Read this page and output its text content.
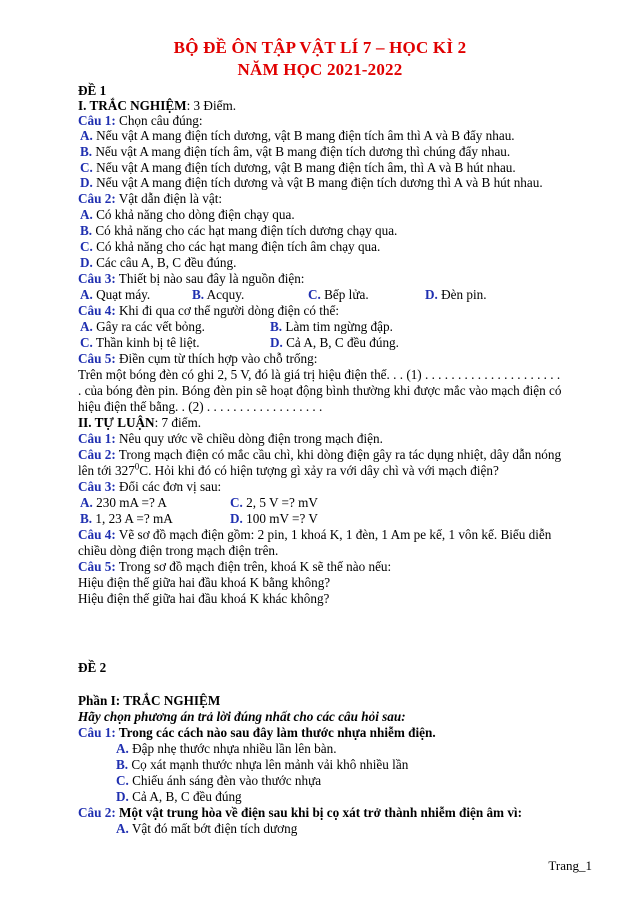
BỘ ĐỀ ÔN TẬP VẬT LÍ 7 – HỌC KÌ 2
NĂM HỌC 2021-2022
ĐỀ 1
I. TRẮC NGHIỆM: 3 Điểm.
Câu 1: Chọn câu đúng:
A. Nếu vật A mang điện tích dương, vật B mang điện tích âm thì A và B đẩy nhau.
B. Nếu vật A mang điện tích âm, vật B mang điện tích dương thì chúng đẩy nhau.
C. Nếu vật A mang điện tích dương, vật B mang điện tích âm, thì A và B hút nhau.
D. Nếu vật A mang điện tích dương và vật B mang điện tích dương thì A và B hút nhau.
Câu 2: Vật dẫn điện là vật:
A. Có khả năng cho dòng điện chạy qua.
B. Có khả năng cho các hạt mang điện tích dương chạy qua.
C. Có khả năng cho các hạt mang điện tích âm chạy qua.
D. Các câu A, B, C đều đúng.
Câu 3: Thiết bị nào sau đây là nguồn điện:
A. Quạt máy.	B. Acquy.	C. Bếp lửa.	D. Đèn pin.
Câu 4: Khi đi qua cơ thể người dòng điện có thể:
A. Gây ra các vết bỏng.	B. Làm tim ngừng đập.
C. Thần kinh bị tê liệt.	D. Cả A, B, C đều đúng.
Câu 5: Điền cụm từ thích hợp vào chỗ trống:
Trên một bóng đèn có ghi 2, 5 V, đó là giá trị hiệu điện thế. . . (1) . . . . . . . . . . . . . . . . . . . . .
. của bóng đèn pin. Bóng đèn pin sẽ hoạt động bình thường khi được mắc vào mạch điện có
hiệu điện thế bằng. . (2) . . . . . . . . . . . . . . . . . .
II. TỰ LUẬN: 7 điểm.
Câu 1: Nêu quy ước về chiều dòng điện trong mạch điện.
Câu 2: Trong mạch điện có mắc cầu chì, khi dòng điện gây ra tác dụng nhiệt, dây dẫn nóng
lên tới $327^0C$. Hỏi khi đó có hiện tượng gì xảy ra với dây chì và với mạch điện?
Câu 3: Đổi các đơn vị sau:
A. 230 mA =? A	C. 2, 5 V =? mV
B. 1, 23 A =? mA	D. 100 mV =? V
Câu 4: Vẽ sơ đồ mạch điện gồm: 2 pin, 1 khoá K, 1 đèn, 1 Am pe kế, 1 vôn kế. Biểu diễn
chiều dòng điện trong mạch điện trên.
Câu 5: Trong sơ đồ mạch điện trên, khoá K sẽ thế nào nếu:
Hiệu điện thế giữa hai đầu khoá K bằng không?
Hiệu điện thế giữa hai đầu khoá K khác không?
ĐỀ 2
Phần I: TRẮC NGHIỆM
Hãy chọn phương án trả lời đúng nhất cho các câu hỏi sau:
Câu 1: Trong các cách nào sau đây làm thước nhựa nhiễm điện.
A. Đập nhẹ thước nhựa nhiều lần lên bàn.
B. Cọ xát mạnh thước nhựa lên mảnh vải khô nhiều lần
C. Chiếu ánh sáng đèn vào thước nhựa
D. Cả A, B, C đều đúng
Câu 2: Một vật trung hòa về điện sau khi bị cọ xát trở thành nhiễm điện âm vì:
A. Vật đó mất bớt điện tích dương
Trang_1
